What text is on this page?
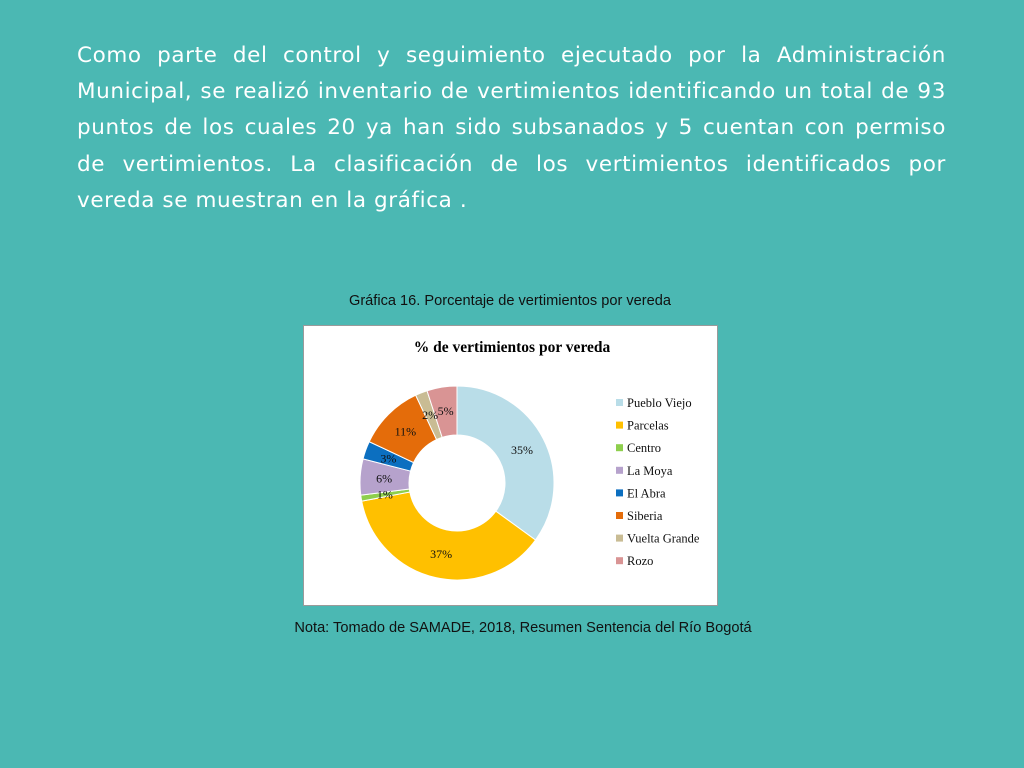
Como parte del control y seguimiento ejecutado por la Administración Municipal, se realizó inventario de vertimientos identificando un total de 93 puntos de los cuales 20 ya han sido subsanados y 5 cuentan con permiso de vertimientos. La clasificación de los vertimientos identificados por vereda se muestran en la gráfica .

Gráfica 16. Porcentaje de vertimientos por vereda
% de vertimientos por vereda
35%
37%
1%
6%
3%
11%
2% 5%
Pueblo Viejo
Parcelas
Centro
La Moya
El Abra
Siberia
Vuelta Grande
Rozo
Nota: Tomado de SAMADE, 2018, Resumen Sentencia del Río Bogotá
